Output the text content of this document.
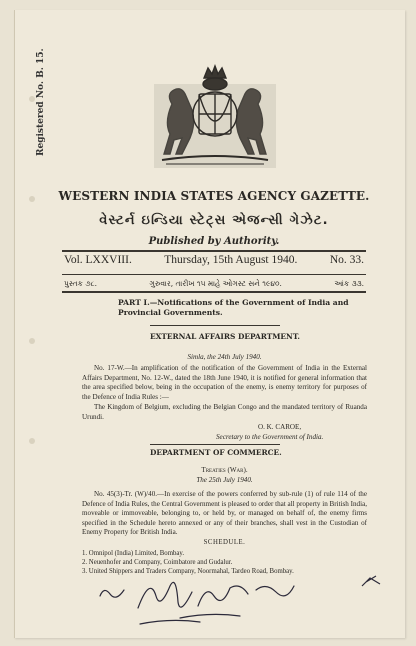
Registered No. B. 15.
WESTERN INDIA STATES AGENCY GAZETTE.
વેસ્ટર્ન ઇન્ડિયા સ્ટેટ્સ એજન્સી ગેઝેટ.
Published by Authority.
Vol. LXXVIII.	Thursday, 15th August 1940.	No. 33.
પુસ્તક ૭૮.	ગુરુવાર, તારીખ ૧૫ માહે ઓગસ્ટ સને ૧૯૪૦.	આંક ૩૩.
PART I.—Notifications of the Government of India and Provincial Governments.
EXTERNAL AFFAIRS DEPARTMENT.
Simla, the 24th July 1940.
No. 17-W.—In amplification of the notification of the Government of India in the External Affairs Department, No. 12-W., dated the 18th June 1940, it is notified for general information that the area specified below, being in the occupation of the enemy, is enemy territory for purposes of the Defence of India Rules :—
The Kingdom of Belgium, excluding the Belgian Congo and the mandated territory of Ruanda Urundi.
O. K. CAROE,
Secretary to the Government of India.
DEPARTMENT OF COMMERCE.
Treaties (War).
The 25th July 1940.
No. 45(3)-Tr. (W)/40.—In exercise of the powers conferred by sub-rule (1) of rule 114 of the Defence of India Rules, the Central Government is pleased to order that all property in British India, moveable or immoveable, belonging to, or held by, or managed on behalf of, the enemy firms specified in the Schedule hereto annexed or any of their branches, shall vest in the Custodian of Enemy Property for British India.
SCHEDULE.
1. Omnipol (India) Limited, Bombay.
2. Neuenhofer and Company, Coimbatore and Gudalur.
3. United Shippers and Traders Company, Noormahal, Tardeo Road, Bombay.
